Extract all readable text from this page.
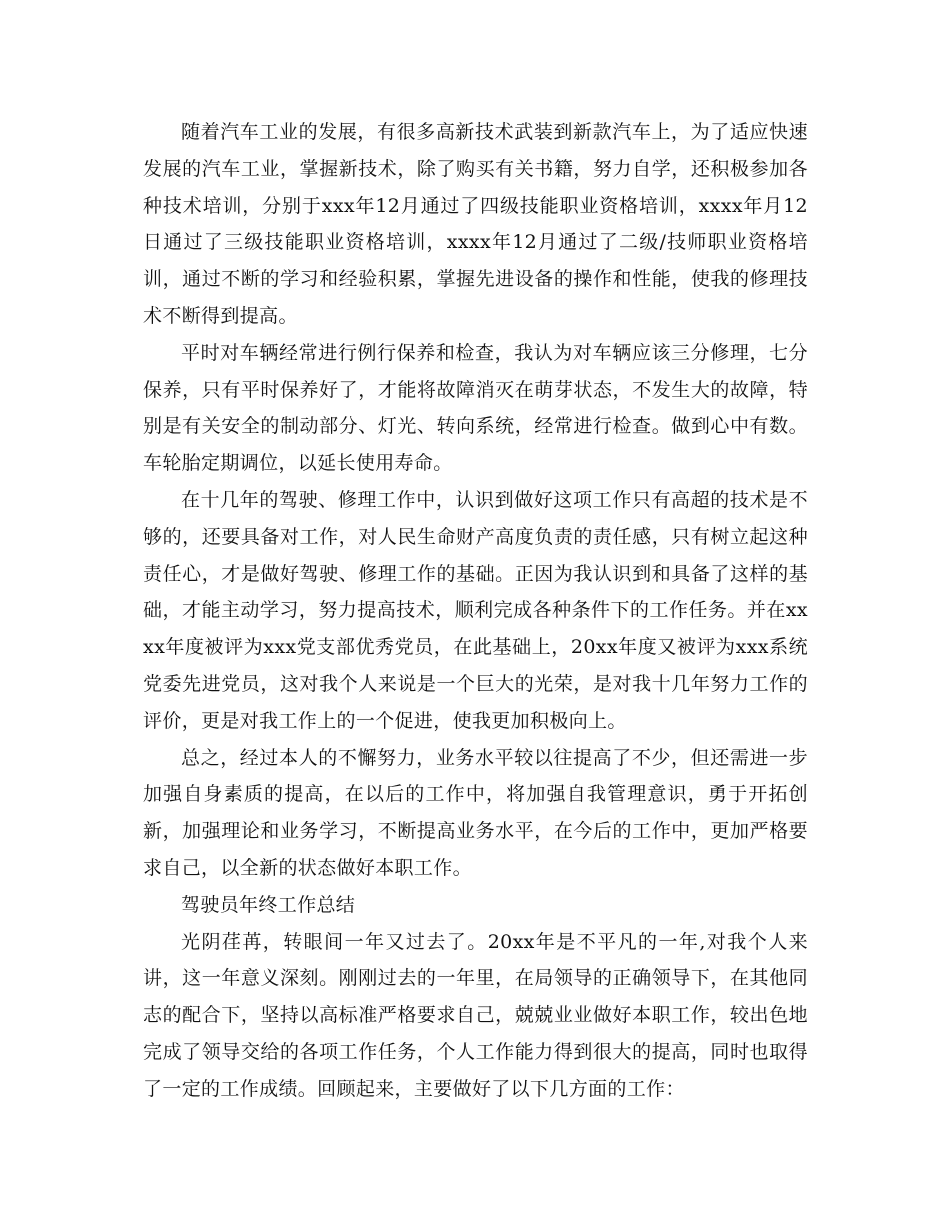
随着汽车工业的发展，有很多高新技术武装到新款汽车上，为了适应快速发展的汽车工业，掌握新技术，除了购买有关书籍，努力自学，还积极参加各种技术培训，分别于xxx年12月通过了四级技能职业资格培训，xxxx年月12日通过了三级技能职业资格培训，xxxx年12月通过了二级/技师职业资格培训，通过不断的学习和经验积累，掌握先进设备的操作和性能，使我的修理技术不断得到提高。

平时对车辆经常进行例行保养和检查，我认为对车辆应该三分修理，七分保养，只有平时保养好了，才能将故障消灭在萌芽状态，不发生大的故障，特别是有关安全的制动部分、灯光、转向系统，经常进行检查。做到心中有数。车轮胎定期调位，以延长使用寿命。

在十几年的驾驶、修理工作中，认识到做好这项工作只有高超的技术是不够的，还要具备对工作，对人民生命财产高度负责的责任感，只有树立起这种责任心，才是做好驾驶、修理工作的基础。正因为我认识到和具备了这样的基础，才能主动学习，努力提高技术，顺利完成各种条件下的工作任务。并在xxxx年度被评为xxx党支部优秀党员，在此基础上，20xx年度又被评为xxx系统党委先进党员，这对我个人来说是一个巨大的光荣，是对我十几年努力工作的评价，更是对我工作上的一个促进，使我更加积极向上。

总之，经过本人的不懈努力，业务水平较以往提高了不少，但还需进一步加强自身素质的提高，在以后的工作中，将加强自我管理意识，勇于开拓创新，加强理论和业务学习，不断提高业务水平，在今后的工作中，更加严格要求自己，以全新的状态做好本职工作。

驾驶员年终工作总结

光阴荏苒，转眼间一年又过去了。20xx年是不平凡的一年,对我个人来讲，这一年意义深刻。刚刚过去的一年里，在局领导的正确领导下，在其他同志的配合下，坚持以高标准严格要求自己，兢兢业业做好本职工作，较出色地完成了领导交给的各项工作任务，个人工作能力得到很大的提高，同时也取得了一定的工作成绩。回顾起来，主要做好了以下几方面的工作：
